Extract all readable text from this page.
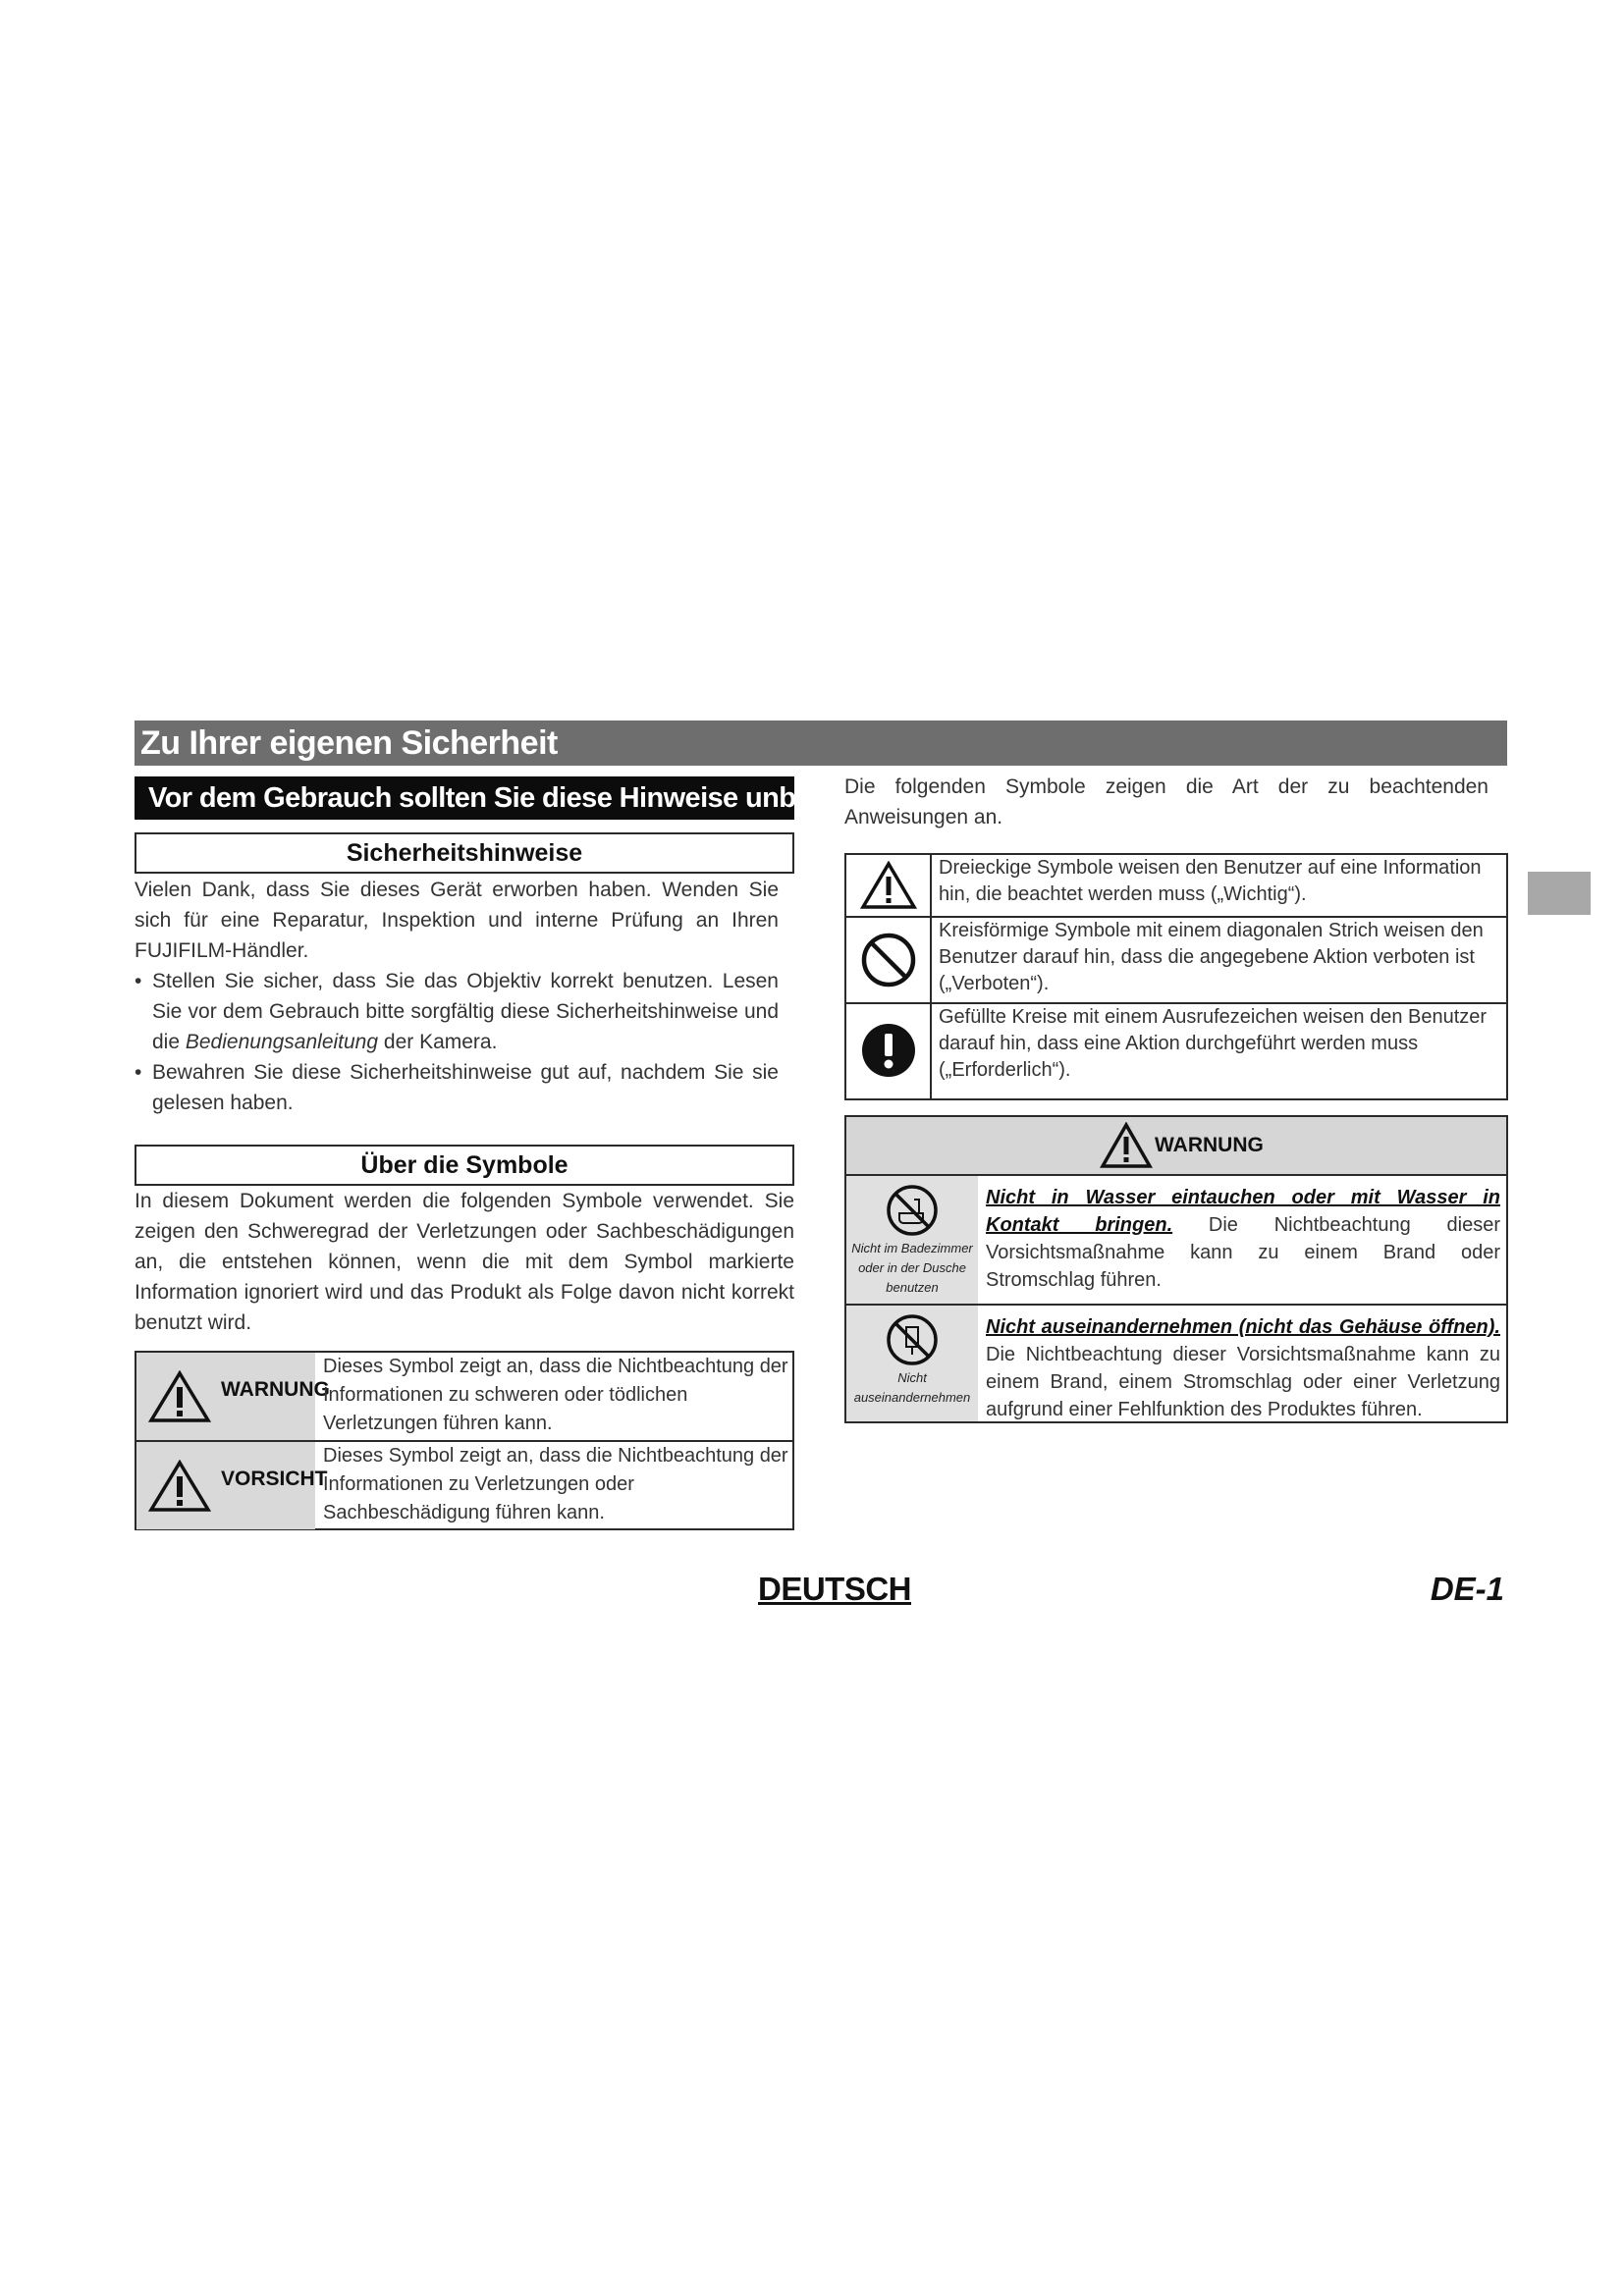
Zu Ihrer eigenen Sicherheit
Vor dem Gebrauch sollten Sie diese Hinweise unbedingt lesen
Sicherheitshinweise
Vielen Dank, dass Sie dieses Gerät erworben haben. Wenden Sie sich für eine Reparatur, Inspektion und interne Prüfung an Ihren FUJIFILM-Händler.
• Stellen Sie sicher, dass Sie das Objektiv korrekt benutzen. Lesen Sie vor dem Gebrauch bitte sorgfältig diese Sicherheitshinweise und die Bedienungsanleitung der Kamera.
• Bewahren Sie diese Sicherheitshinweise gut auf, nachdem Sie sie gelesen haben.
Über die Symbole
In diesem Dokument werden die folgenden Symbole verwendet. Sie zeigen den Schweregrad der Verletzungen oder Sachbeschädigungen an, die entstehen können, wenn die mit dem Symbol markierte Information ignoriert wird und das Produkt als Folge davon nicht korrekt benutzt wird.
WARNUNG
Dieses Symbol zeigt an, dass die Nichtbeachtung der Informationen zu schweren oder tödlichen Verletzungen führen kann.
VORSICHT
Dieses Symbol zeigt an, dass die Nichtbeachtung der Informationen zu Verletzungen oder Sachbeschädigung führen kann.
Die folgenden Symbole zeigen die Art der zu beachtenden Anweisungen an.
Dreieckige Symbole weisen den Benutzer auf eine Information hin, die beachtet werden muss („Wichtig“).
Kreisförmige Symbole mit einem diagonalen Strich weisen den Benutzer darauf hin, dass die angegebene Aktion verboten ist („Verboten“).
Gefüllte Kreise mit einem Ausrufezeichen weisen den Benutzer darauf hin, dass eine Aktion durchgeführt werden muss („Erforderlich“).
WARNUNG
Nicht im Badezimmer oder in der Dusche benutzen
Nicht in Wasser eintauchen oder mit Wasser in Kontakt bringen. Die Nichtbeachtung dieser Vorsichtsmaßnahme kann zu einem Brand oder Stromschlag führen.
Nicht auseinandernehmen
Nicht auseinandernehmen (nicht das Gehäuse öffnen). Die Nichtbeachtung dieser Vorsichtsmaßnahme kann zu einem Brand, einem Stromschlag oder einer Verletzung aufgrund einer Fehlfunktion des Produktes führen.
DEUTSCH	DE-1
